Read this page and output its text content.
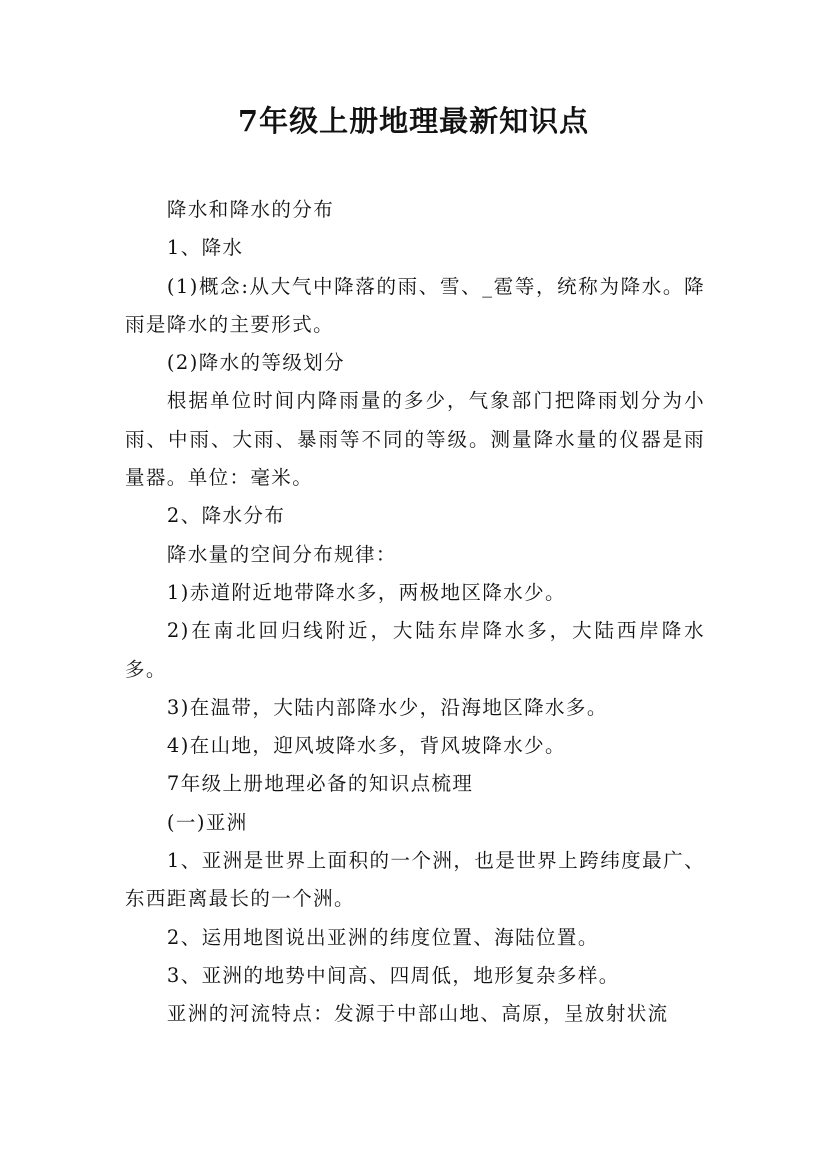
7年级上册地理最新知识点

降水和降水的分布

1、降水

(1)概念:从大气中降落的雨、雪、_雹等，统称为降水。降雨是降水的主要形式。

(2)降水的等级划分

根据单位时间内降雨量的多少，气象部门把降雨划分为小雨、中雨、大雨、暴雨等不同的等级。测量降水量的仪器是雨量器。单位：毫米。

2、降水分布

降水量的空间分布规律：

1)赤道附近地带降水多，两极地区降水少。

2)在南北回归线附近，大陆东岸降水多，大陆西岸降水多。

3)在温带，大陆内部降水少，沿海地区降水多。

4)在山地，迎风坡降水多，背风坡降水少。

7年级上册地理必备的知识点梳理

(一)亚洲

1、亚洲是世界上面积的一个洲，也是世界上跨纬度最广、东西距离最长的一个洲。

2、运用地图说出亚洲的纬度位置、海陆位置。

3、亚洲的地势中间高、四周低，地形复杂多样。

亚洲的河流特点：发源于中部山地、高原，呈放射状流
